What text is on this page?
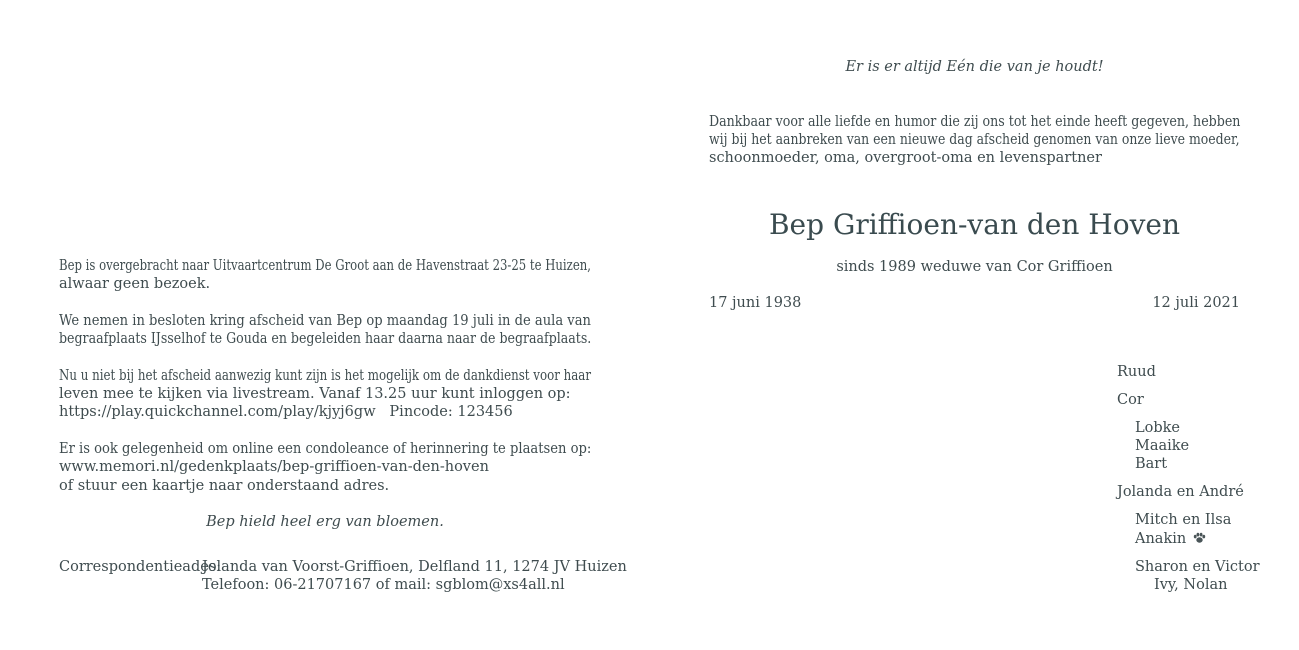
Bep is overgebracht naar Uitvaartcentrum De Groot aan de Havenstraat 23-25 te Huizen,
alwaar geen bezoek.
We nemen in besloten kring afscheid van Bep op maandag 19 juli in de aula van
begraafplaats IJsselhof te Gouda en begeleiden haar daarna naar de begraafplaats.
Nu u niet bij het afscheid aanwezig kunt zijn is het mogelijk om de dankdienst voor haar
leven mee te kijken via livestream. Vanaf 13.25 uur kunt inloggen op:
https://play.quickchannel.com/play/kjyj6gw   Pincode: 123456
Er is ook gelegenheid om online een condoleance of herinnering te plaatsen op:
www.memori.nl/gedenkplaats/bep-griffioen-van-den-hoven
of stuur een kaartje naar onderstaand adres.
Bep hield heel erg van bloemen.
Correspondentieades:
Jolanda van Voorst-Griffioen, Delfland 11, 1274 JV Huizen
Telefoon: 06-21707167 of mail: sgblom@xs4all.nl
Er is er altijd Eén die van je houdt!
Dankbaar voor alle liefde en humor die zij ons tot het einde heeft gegeven, hebben
wij bij het aanbreken van een nieuwe dag afscheid genomen van onze lieve moeder,
schoonmoeder, oma, overgroot-oma en levenspartner
Bep Griffioen-van den Hoven
sinds 1989 weduwe van Cor Griffioen
17 juni 1938	12 juli 2021
Ruud
Cor
Lobke
Maaike
Bart
Jolanda en André
Mitch en Ilsa
Anakin
Sharon en Victor
Ivy, Nolan
